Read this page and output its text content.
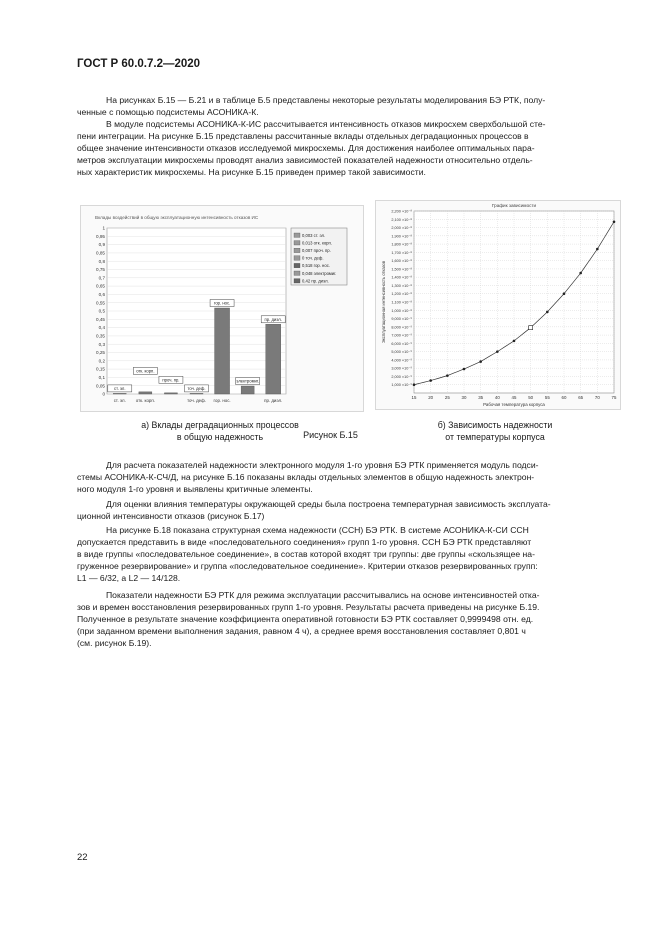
ГОСТ Р 60.0.7.2—2020
На рисунках Б.15 — Б.21 и в таблице Б.5 представлены некоторые результаты моделирования БЭ РТК, полу-
ченные с помощью подсистемы АСОНИКА-К.
В модуле подсистемы АСОНИКА-К-ИС рассчитывается интенсивность отказов микросхем сверхбольшой сте-
пени интеграции. На рисунке Б.15 представлены рассчитанные вклады отдельных деградационных процессов в
общее значение интенсивности отказов исследуемой микросхемы. Для достижения наиболее оптимальных пара-
метров эксплуатации микросхемы проводят анализ зависимостей показателей надежности относительно отдель-
ных характеристик микросхемы. На рисунке Б.15 приведен пример такой зависимости.
Вклады воздействий в общую эксплуатационную интенсивность отказов ИС
0
0,05
0,1
0,15
0,2
0,25
0,3
0,35
0,4
0,45
0,5
0,55
0,6
0,65
0,7
0,75
0,8
0,85
0,9
0,95
1
ст. эл.
отк. корп.
проч. пр.
точ. деф.
гор. нос.
электромиг.
пр. диэл.
ст. эл. отк. корп.	точ. деф. гор. нос.	пр. диэл.
0,003 ст. эл.
0,013 отк. корп.
0,007 проч. пр.
0 точ. деф.
0,518 гор. нос.
0,048 электромиг.
0,42 пр. диэл.
График зависимости
15	20	25	30	35	40	45	50	55	60	65	70	75
1,000 ×10⁻⁹
2,000 ×10⁻⁹
3,000 ×10⁻⁹
4,000 ×10⁻⁹
5,000 ×10⁻⁹
6,000 ×10⁻⁹
7,000 ×10⁻⁹
8,000 ×10⁻⁹
9,000 ×10⁻⁹
1,000 ×10⁻⁸
1,100 ×10⁻⁸
1,200 ×10⁻⁸
1,300 ×10⁻⁸
1,400 ×10⁻⁸
1,500 ×10⁻⁸
1,600 ×10⁻⁸
1,700 ×10⁻⁸
1,800 ×10⁻⁸
1,900 ×10⁻⁸
2,000 ×10⁻⁸
2,100 ×10⁻⁸
2,200 ×10⁻⁸
Рабочая температура корпуса
Эксплуатационная интенсивность отказов
а) Вклады деградационных процессов
в общую надежность
б) Зависимость надежности
от температуры корпуса
Рисунок Б.15
Для расчета показателей надежности электронного модуля 1-го уровня БЭ РТК применяется модуль подси-
стемы АСОНИКА-К-СЧ/Д, на рисунке Б.16 показаны вклады отдельных элементов в общую надежность электрон-
ного модуля 1-го уровня и выявлены критичные элементы.
Для оценки влияния температуры окружающей среды была построена температурная зависимость эксплуата-
ционной интенсивности отказов (рисунок Б.17)
На рисунке Б.18 показана структурная схема надежности (ССН) БЭ РТК. В системе АСОНИКА-К-СИ ССН
допускается представить в виде «последовательного соединения» групп 1-го уровня. ССН БЭ РТК представляют
в виде группы «последовательное соединение», в состав которой входят три группы: две группы «скользящее на-
груженное резервирование» и группа «последовательное соединение». Критерии отказов резервированных групп:
L1 — 6/32, а L2 — 14/128.
Показатели надежности БЭ РТК для режима эксплуатации рассчитывались на основе интенсивностей отка-
зов и времен восстановления резервированных групп 1-го уровня. Результаты расчета приведены на рисунке Б.19.
Полученное в результате значение коэффициента оперативной готовности БЭ РТК составляет 0,9999498 отн. ед.
(при заданном времени выполнения задания, равном 4 ч), а среднее время восстановления составляет 0,801 ч
(см. рисунок Б.19).
22
